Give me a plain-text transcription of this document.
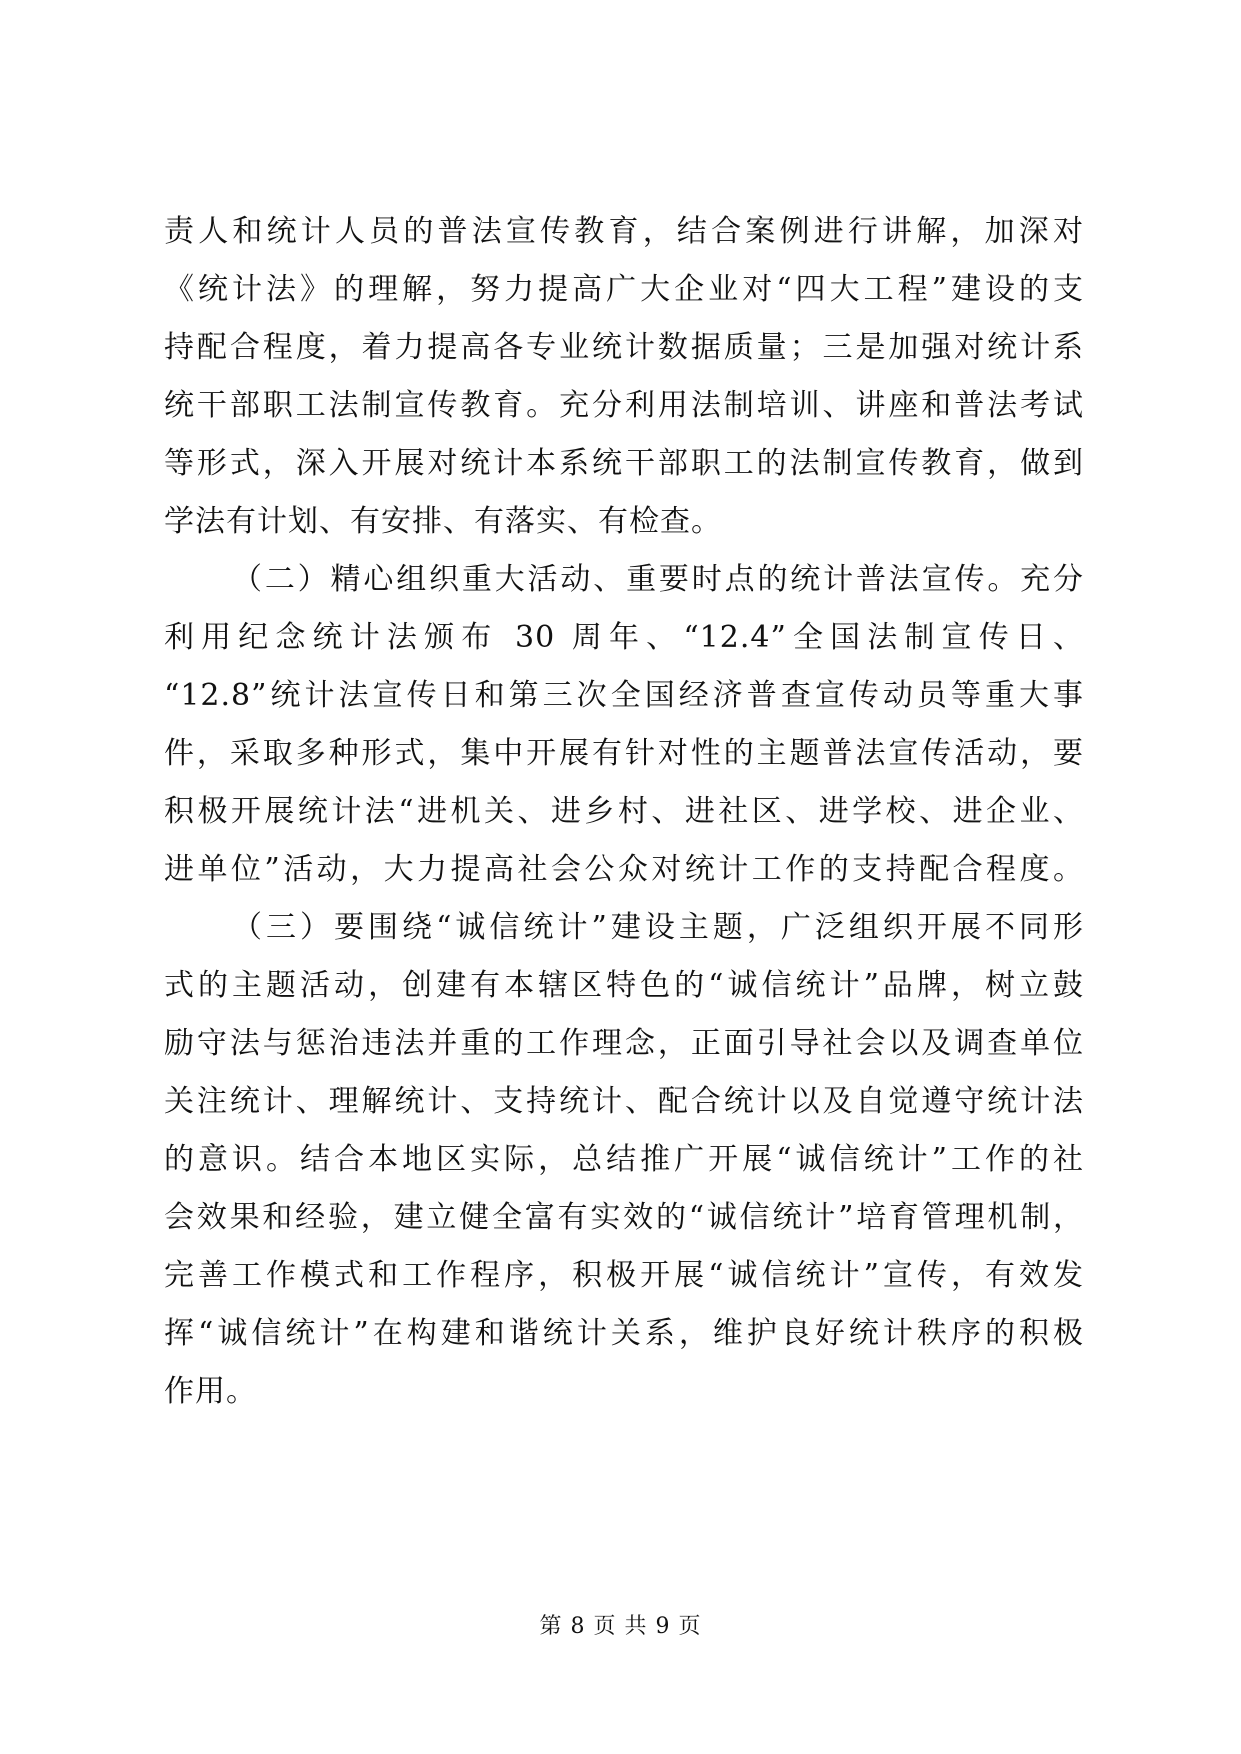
责人和统计人员的普法宣传教育，结合案例进行讲解，加深对
《统计法》的理解，努力提高广大企业对“四大工程”建设的支
持配合程度，着力提高各专业统计数据质量；三是加强对统计系
统干部职工法制宣传教育。充分利用法制培训、讲座和普法考试
等形式，深入开展对统计本系统干部职工的法制宣传教育，做到
学法有计划、有安排、有落实、有检查。
（二）精心组织重大活动、重要时点的统计普法宣传。充分
利用纪念统计法颁布 30 周年、“12.4”全国法制宣传日、
“12.8”统计法宣传日和第三次全国经济普查宣传动员等重大事
件，采取多种形式，集中开展有针对性的主题普法宣传活动，要
积极开展统计法“进机关、进乡村、进社区、进学校、进企业、
进单位”活动，大力提高社会公众对统计工作的支持配合程度。
（三）要围绕“诚信统计”建设主题，广泛组织开展不同形
式的主题活动，创建有本辖区特色的“诚信统计”品牌，树立鼓
励守法与惩治违法并重的工作理念，正面引导社会以及调查单位
关注统计、理解统计、支持统计、配合统计以及自觉遵守统计法
的意识。结合本地区实际，总结推广开展“诚信统计”工作的社
会效果和经验，建立健全富有实效的“诚信统计”培育管理机制，
完善工作模式和工作程序，积极开展“诚信统计”宣传，有效发
挥“诚信统计”在构建和谐统计关系，维护良好统计秩序的积极
作用。
第 8 页 共 9 页
